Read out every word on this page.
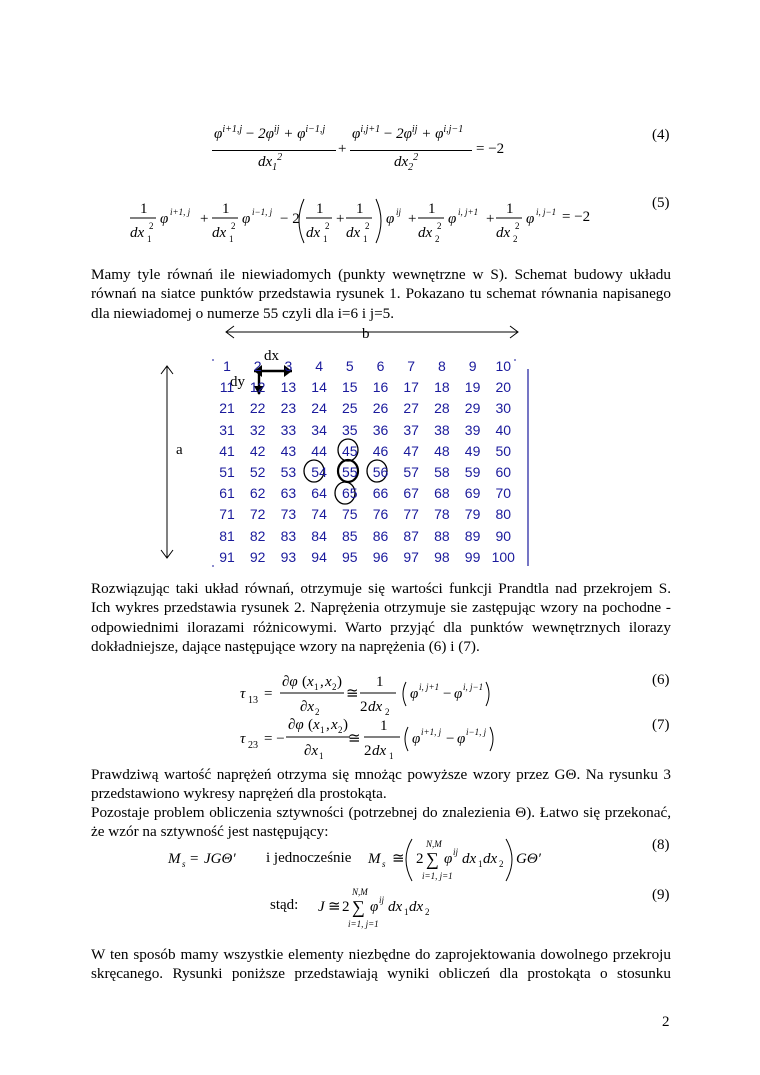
$\varphi^{i+1,j} - 2\varphi^{ij} + \varphi^{i-1,j}$
$dx_1^2$
+
$\varphi^{i,j+1} - 2\varphi^{ij} + \varphi^{i,j-1}$
$dx_2^2$
= −2
(4)
1
dx 1
2 φ i+1, j +
1
dx 1
2 φ i−1, j − 2
1
dx 1
2 +
1
dx 1
2 φ ij +
1
dx 2
2 φ i, j+1 +
1
dx 2
2 φ i, j−1 = −2
(5)
Mamy tyle równań ile niewiadomych (punkty wewnętrzne w S). Schemat budowy układu
równań na siatce punktów przedstawia rysunek 1. Pokazano tu schemat równania napisanego
dla niewiadomej o numerze 55 czyli dla i=6 i j=5.
b
a
dx
dy
1	2	3	4	5	6	7	8	9	10
11	12	13	14	15	16	17	18	19	20
21	22	23	24	25	26	27	28	29	30
31	32	33	34	35	36	37	38	39	40
41	42	43	44	45	46	47	48	49	50
51	52	53	54	55	56	57	58	59	60
61	62	63	64	65	66	67	68	69	70
71	72	73	74	75	76	77	78	79	80
81	82	83	84	85	86	87	88	89	90
91	92	93	94	95	96	97	98	99 100
Rozwiązując taki układ równań, otrzymuje się wartości funkcji Prandtla nad przekrojem S.
Ich wykres przedstawia rysunek 2. Naprężenia otrzymuje sie zastępując wzory na pochodne -
odpowiednimi ilorazami różnicowymi. Warto przyjąć dla punktów wewnętrznych ilorazy
dokładniejsze, dające następujące wzory na naprężenia (6) i (7).
τ 13 =
∂φ ( x 1 , x 2 )
∂x 2
≅
1
2 dx 2
φ i, j+1 − φ i, j−1	(6)
τ 23 = −
∂φ ( x 1 , x 2 )
∂x 1
≅
1
2 dx 1
φ i+1, j − φ i−1, j	(7)
Prawdziwą wartość naprężeń otrzyma się mnożąc powyższe wzory przez GΘ. Na rysunku 3
przedstawiono wykresy naprężeń dla prostokąta.
Pozostaje problem obliczenia sztywności (potrzebnej do znalezienia Θ). Łatwo się przekonać,
że wzór na sztywność jest następujący:
M s = JGΘ′	M s ≅ 2
N,M
∑
i=1, j=1
φ ij dx 1 dx 2 GΘ′
i jednocześnie
(8)
stąd: J ≅ 2
N,M
∑
i=1, j=1
φ ij dx 1 dx 2
(9)
W ten sposób mamy wszystkie elementy niezbędne do zaprojektowania dowolnego przekroju
skręcanego. Rysunki poniższe przedstawiają wyniki obliczeń dla prostokąta o stosunku
2
